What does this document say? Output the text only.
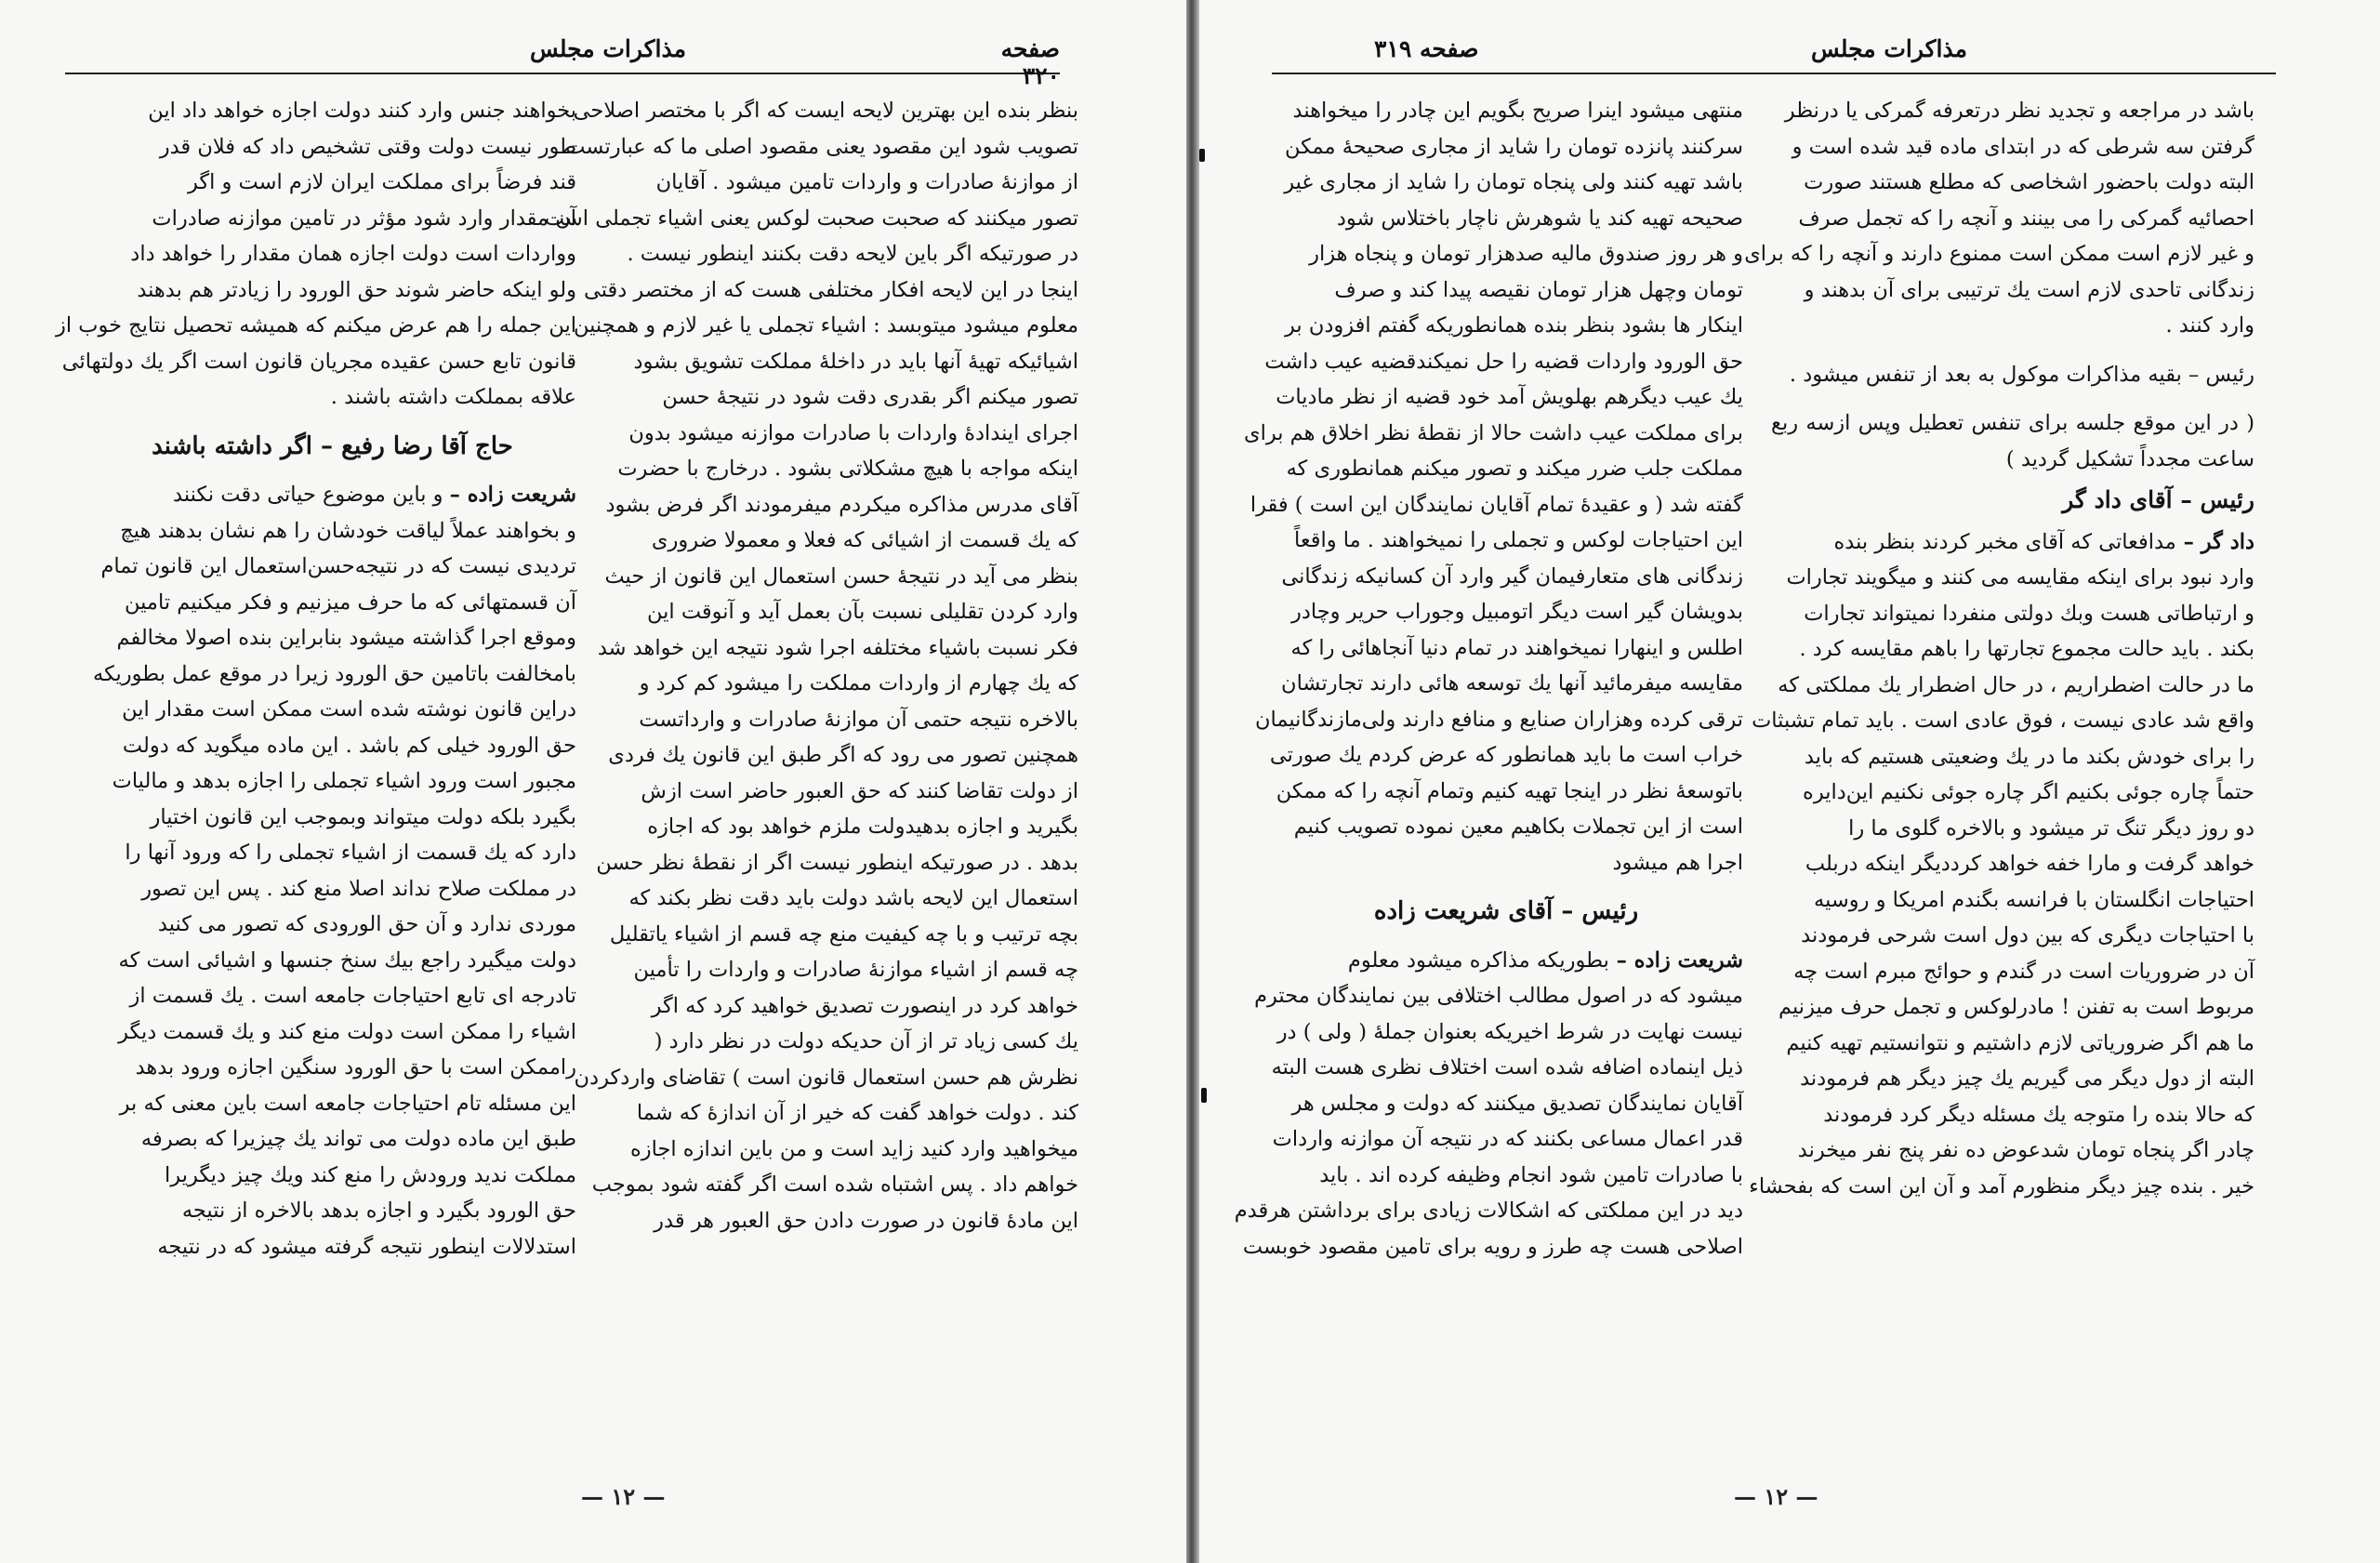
مذاکرات مجلس	صفحه ۳۲۰
بنظر بنده این بهترین لایحه ایست که اگر با مختصر اصلاحی
تصویب شود این مقصود یعنی مقصود اصلی ما که عبارتست
از موازنهٔ صادرات و واردات تامین میشود . آقایان
تصور میکنند که صحبت صحبت لوکس یعنی اشیاء تجملی است
در صورتیکه اگر باین لایحه دقت بکنند اینطور نیست .
اینجا در این لایحه افکار مختلفی هست که از مختصر دقتی
معلوم میشود میتوبسد : اشیاء تجملی یا غیر لازم و همچنین
اشیائیکه تهیهٔ آنها باید در داخلهٔ مملکت تشویق بشود
تصور میکنم اگر بقدری دقت شود در نتیجهٔ حسن
اجرای ایندادهٔ واردات با صادرات موازنه میشود بدون
اینکه مواجه با هیچ مشکلاتی بشود . درخارج با حضرت
آقای مدرس مذاکره میکردم میفرمودند اگر فرض بشود
که یك قسمت از اشیائی که فعلا و معمولا ضروری
بنظر می آید در نتیجهٔ حسن استعمال این قانون از حیث
وارد کردن تقلیلی نسبت بآن بعمل آید و آنوقت این
فکر نسبت باشیاء مختلفه اجرا شود نتیجه این خواهد شد
که یك چهارم از واردات مملکت را میشود کم کرد و
بالاخره نتیجه حتمی آن موازنهٔ صادرات و وارداتست
همچنین تصور می رود که اگر طبق این قانون یك فردی
از دولت تقاضا کنند که حق العبور حاضر است ازش
بگیرید و اجازه بدهیدولت ملزم خواهد بود که اجازه
بدهد . در صورتیکه اینطور نیست اگر از نقطهٔ نظر حسن
استعمال این لایحه باشد دولت باید دقت نظر بکند که
بچه ترتیب و با چه کیفیت منع چه قسم از اشیاء یاتقلیل
چه قسم از اشیاء موازنهٔ صادرات و واردات را تأمین
خواهد کرد در اینصورت تصدیق خواهید کرد که اگر
یك کسی زیاد تر از آن حدیکه دولت در نظر دارد (
نظرش هم حسن استعمال قانون است ) تقاضای واردکردن
کند . دولت خواهد گفت که خیر از آن اندازهٔ که شما
میخواهید وارد کنید زاید است و من باین اندازه اجازه
خواهم داد . پس اشتباه شده است اگر گفته شود بموجب
این مادهٔ قانون در صورت دادن حق العبور هر قدر
بخواهند جنس وارد کنند دولت اجازه خواهد داد این
طور نیست دولت وقتی تشخیص داد که فلان قدر
قند فرضاً برای مملکت ایران لازم است و اگر
آن مقدار وارد شود مؤثر در تامین موازنه صادرات
وواردات است دولت اجازه همان مقدار را خواهد داد
ولو اینکه حاضر شوند حق الورود را زیادتر هم بدهند
این جمله را هم عرض میکنم که همیشه تحصیل نتایج خوب از
قانون تابع حسن عقیده مجریان قانون است اگر یك دولتهائی
علاقه بمملکت داشته باشند .
حاج آقا رضا رفیع – اگر داشته باشند

شریعت زاده – و باین موضوع حیاتی دقت نکنند

و بخواهند عملاً لیاقت خودشان را هم نشان بدهند هیچ
تردیدی نیست که در نتیجه‌حسن‌استعمال این قانون تمام
آن قسمتهائی که ما حرف میزنیم و فکر میکنیم تامین
وموقع اجرا گذاشته میشود بنابراین بنده اصولا مخالفم
بامخالفت باتامین حق الورود زیرا در موقع عمل بطوریکه
دراین قانون نوشته شده است ممکن است مقدار این
حق الورود خیلی کم باشد . این ماده میگوید که دولت
مجبور است ورود اشیاء تجملی را اجازه بدهد و مالیات
بگیرد بلکه دولت میتواند وبموجب این قانون اختیار
دارد که یك قسمت از اشیاء تجملی را که ورود آنها را
در مملکت صلاح نداند اصلا منع کند . پس این تصور
موردی ندارد و آن حق الورودی که تصور می کنید
دولت میگیرد راجع بیك سنخ جنسها و اشیائی است که
تادرجه ای تابع احتیاجات جامعه است . یك قسمت از
اشیاء را ممکن است دولت منع کند و یك قسمت دیگر
راممکن است با حق الورود سنگین اجازه ورود بدهد
این مسئله تام احتیاجات جامعه است باین معنی که بر
طبق این ماده دولت می تواند یك چیزیرا که بصرفه
مملکت ندید ورودش را منع کند ویك چیز دیگریرا
حق الورود بگیرد و اجازه بدهد بالاخره از نتیجه
استدلالات اینطور نتیجه گرفته میشود که در نتیجه
— ۱۲ —
مذاکرات مجلس
صفحه ۳۱۹
باشد در مراجعه و تجدید نظر درتعرفه گمرکی یا درنظر
گرفتن سه شرطی که در ابتدای ماده قید شده است و
البته دولت باحضور اشخاصی که مطلع هستند صورت
احصائیه گمرکی را می بینند و آنچه را که تجمل صرف
و غیر لازم است ممکن است ممنوع دارند و آنچه را که برای
زندگانی تاحدی لازم است یك ترتیبی برای آن بدهند و
وارد کنند .

رئیس – بقیه مذاکرات موکول به بعد از تنفس میشود .

( در این موقع جلسه برای تنفس تعطیل وپس ازسه ربع ساعت مجدداً تشکیل گردید )

رئیس – آقای داد گر

داد گر – مدافعاتی که آقای مخبر کردند بنظر بنده
وارد نبود برای اینکه مقایسه می کنند و میگویند تجارات
و ارتباطاتی هست وبك دولتی منفردا نمیتواند تجارات
بکند . باید حالت مجموع تجارتها را باهم مقایسه کرد .
ما در حالت اضطراریم ، در حال اضطرار یك مملکتی که
واقع شد عادی نیست ، فوق عادی است . باید تمام تشبثات
را برای خودش بکند ما در یك وضعیتی هستیم که باید
حتماً چاره جوئی بکنیم اگر چاره جوئی نکنیم این‌دایره
دو روز دیگر تنگ تر میشود و بالاخره گلوی ما را
خواهد گرفت و مارا خفه خواهد کرد‌دیگر اینکه دربلب
احتیاجات انگلستان با فرانسه بگندم امریکا و روسیه
با احتیاجات دیگری که بین دول است شرحی فرمودند
آن در ضروریات است در گندم و حوائج مبرم است چه
مربوط است به تفنن ! مادرلوکس و تجمل حرف میزنیم
ما هم اگر ضروریاتی لازم داشتیم و نتوانستیم تهیه کنیم
البته از دول دیگر می گیریم یك چیز دیگر هم فرمودند
که حالا بنده را متوجه یك مسئله دیگر کرد فرمودند
چادر اگر پنجاه تومان شدعوض ده نفر پنج نفر میخرند
خیر . بنده چیز دیگر منظورم آمد و آن این است که بفحشاء
منتهی میشود اینرا صریح بگویم این چادر را میخواهند
سرکنند پانزده تومان را شاید از مجاری صحیحهٔ ممکن
باشد تهیه کنند ولی پنجاه تومان را شاید از مجاری غیر
صحیحه تهیه کند یا شوهرش ناچار باختلاس شود
و هر روز صندوق مالیه صدهزار تومان و پنجاه هزار
تومان وچهل هزار تومان نقیصه پیدا کند و صرف
اینکار ها بشود بنظر بنده همانطوریکه گفتم افزودن بر
حق الورود واردات قضیه را حل نمیکند‌قضیه عیب داشت
یك عیب دیگرهم بهلویش آمد خود قضیه از نظر مادیات
برای مملکت عیب داشت حالا از نقطهٔ نظر اخلاق هم برای
مملکت جلب ضرر میکند و تصور میکنم همانطوری که
گفته شد ( و عقیدهٔ تمام آقایان نمایندگان این است ) فقرا
این احتیاجات لوکس و تجملی را نمیخواهند . ما واقعاً
زندگانی های متعارفیمان گیر وارد آن کسانیکه زندگانی
بدویشان گیر است دیگر اتومبیل وجوراب حریر وچادر
اطلس و اینهارا نمیخواهند در تمام دنیا آنجاهائی را که
مقایسه میفرمائید آنها یك توسعه هائی دارند تجارتشان
ترقی کرده وهزاران صنایع و منافع دارند ولی‌ما‌زندگانیمان
خراب است ما باید همانطور که عرض کردم یك صورتی
باتوسعهٔ نظر در اینجا تهیه کنیم وتمام آنچه را که ممکن
است از این تجملات بکاهیم معین نموده تصویب کنیم
اجرا هم میشود
رئیس – آقای شریعت زاده
شریعت زاده – بطوریکه مذاکره میشود معلوم
میشود که در اصول مطالب اختلافی بین نمایندگان محترم
نیست نهایت در شرط اخیریکه بعنوان جملهٔ ( ولی ) در
ذیل اینماده اضافه شده است اختلاف نظری هست البته
آقایان نمایندگان تصدیق میکنند که دولت و مجلس هر
قدر اعمال مساعی بکنند که در نتیجه آن موازنه واردات
با صادرات تامین شود انجام وظیفه کرده اند . باید
دید در این مملکتی که اشکالات زیادی برای برداشتن هرقدم
اصلاحی هست چه طرز و رویه برای تامین مقصود خوبست
— ۱۲ —
